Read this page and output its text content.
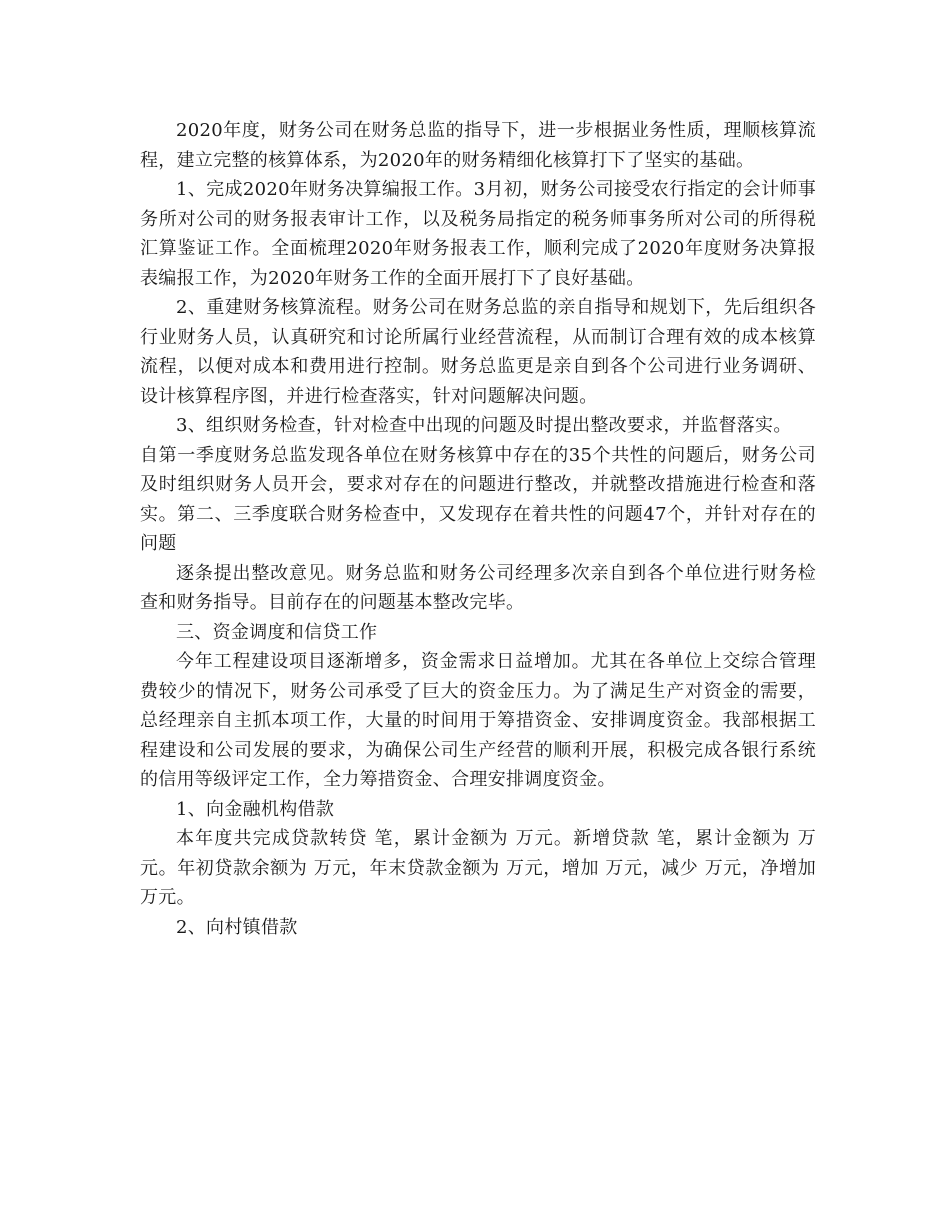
2020年度，财务公司在财务总监的指导下，进一步根据业务性质，理顺核算流程，建立完整的核算体系，为2020年的财务精细化核算打下了坚实的基础。

1、完成2020年财务决算编报工作。3月初，财务公司接受农行指定的会计师事务所对公司的财务报表审计工作，以及税务局指定的税务师事务所对公司的所得税汇算鉴证工作。全面梳理2020年财务报表工作，顺利完成了2020年度财务决算报表编报工作，为2020年财务工作的全面开展打下了良好基础。

2、重建财务核算流程。财务公司在财务总监的亲自指导和规划下，先后组织各行业财务人员，认真研究和讨论所属行业经营流程，从而制订合理有效的成本核算流程，以便对成本和费用进行控制。财务总监更是亲自到各个公司进行业务调研、设计核算程序图，并进行检查落实，针对问题解决问题。

3、组织财务检查，针对检查中出现的问题及时提出整改要求，并监督落实。

自第一季度财务总监发现各单位在财务核算中存在的35个共性的问题后，财务公司及时组织财务人员开会，要求对存在的问题进行整改，并就整改措施进行检查和落实。第二、三季度联合财务检查中，又发现存在着共性的问题47个，并针对存在的问题

逐条提出整改意见。财务总监和财务公司经理多次亲自到各个单位进行财务检查和财务指导。目前存在的问题基本整改完毕。

三、资金调度和信贷工作

今年工程建设项目逐渐增多，资金需求日益增加。尤其在各单位上交综合管理费较少的情况下，财务公司承受了巨大的资金压力。为了满足生产对资金的需要，总经理亲自主抓本项工作，大量的时间用于筹措资金、安排调度资金。我部根据工程建设和公司发展的要求，为确保公司生产经营的顺利开展，积极完成各银行系统的信用等级评定工作，全力筹措资金、合理安排调度资金。

1、向金融机构借款

本年度共完成贷款转贷 笔，累计金额为 万元。新增贷款 笔，累计金额为 万元。年初贷款余额为 万元，年末贷款金额为 万元，增加 万元，减少 万元，净增加 万元。

2、向村镇借款
